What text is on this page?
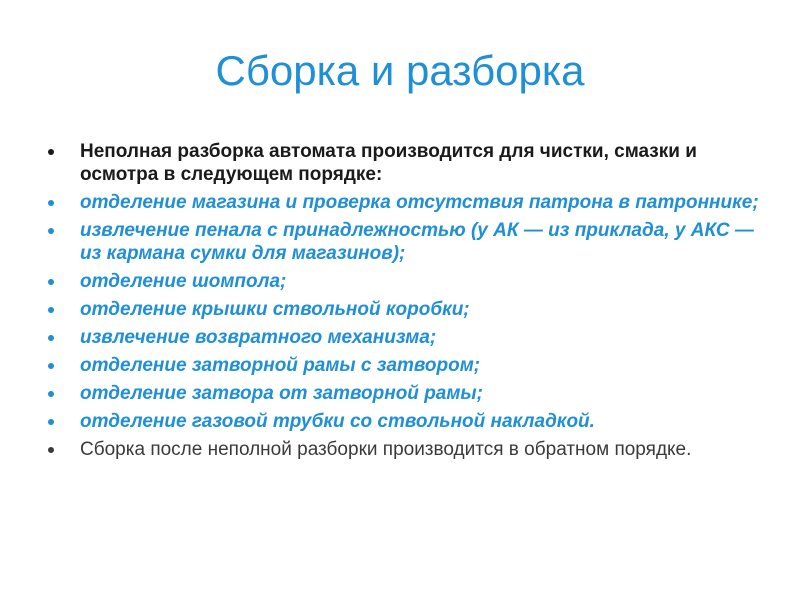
Сборка и разборка
Неполная разборка автомата производится для чистки, смазки и осмотра в следующем порядке:
отделение магазина и проверка отсутствия патрона в патроннике;
извлечение пенала с принадлежностью (у АК — из приклада, у АКС — из кармана сумки для магазинов);
отделение шомпола;
отделение крышки ствольной коробки;
извлечение возвратного механизма;
отделение затворной рамы с затвором;
отделение затвора от затворной рамы;
отделение газовой трубки со ствольной накладкой.
Сборка после неполной разборки производится в обратном порядке.
